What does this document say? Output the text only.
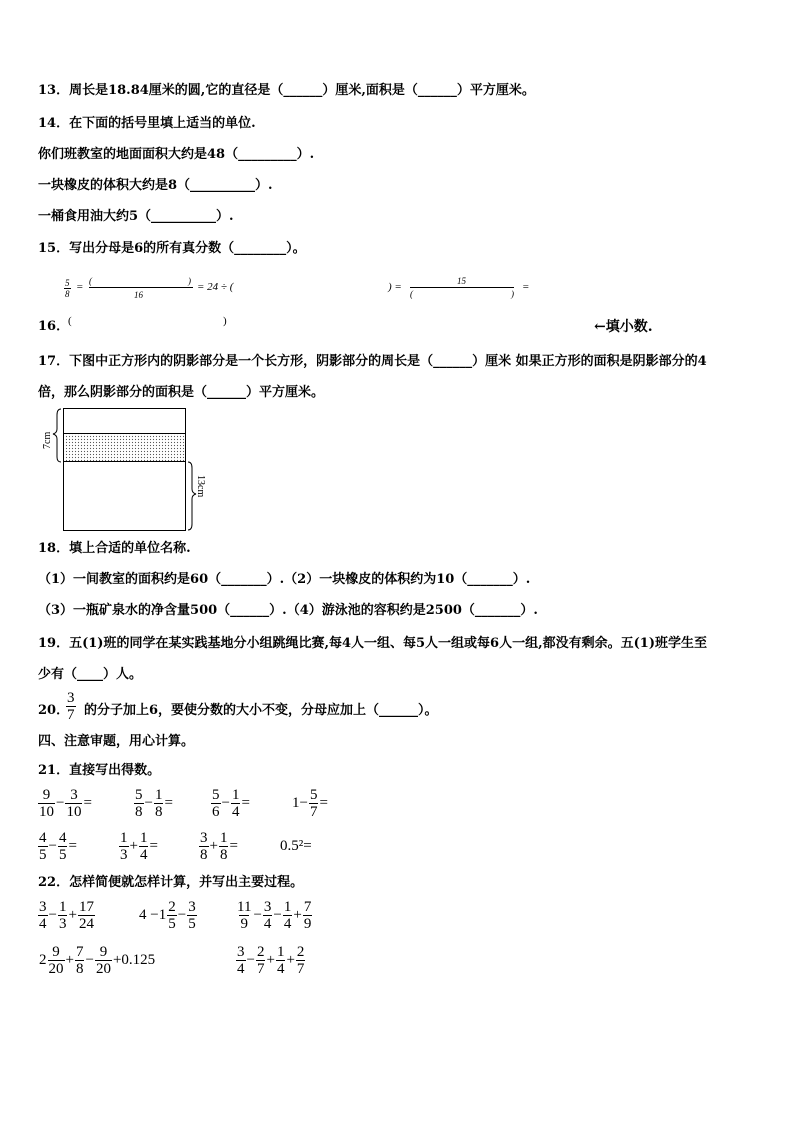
13．周长是18.84厘米的圆,它的直径是（______）厘米,面积是（______）平方厘米。
14．在下面的括号里填上适当的单位.
你们班教室的地面面积大约是48（_________）.
一块橡皮的体积大约是8（__________）.
一桶食用油大约5（__________）.
15．写出分母是6的所有真分数（________）。
$\frac{5}{8}$ = (	)
16
= 24 ÷ (	) =	15
(	)
=
16．
(	)	←填小数.
17．下图中正方形内的阴影部分是一个长方形，阴影部分的周长是（______）厘米 如果正方形的面积是阴影部分的4
倍，那么阴影部分的面积是（______）平方厘米。
7cm
13cm
18．填上合适的单位名称.
（1）一间教室的面积约是60（_______）.（2）一块橡皮的体积约为10（_______）.
（3）一瓶矿泉水的净含量500（______）.（4）游泳池的容积约是2500（_______）.
19．五(1)班的同学在某实践基地分小组跳绳比赛,每4人一组、每5人一组或每6人一组,都没有剩余。五(1)班学生至
少有（____）人。
20．
$\frac{3}{7}$ 的分子加上6，要使分数的大小不变，分母应加上（______）。
四、注意审题，用心计算。
21．直接写出得数。
$\frac{9}{10} - \frac{3}{10}$ =	$\frac{5}{8} - \frac{1}{8}$ =	$\frac{5}{6} - \frac{1}{4}$ =	$1- \frac{5}{7}$ =
$\frac{4}{5} - \frac{4}{5}$ =	$\frac{1}{3} + \frac{1}{4}$ =	$\frac{3}{8} + \frac{1}{8}$ =	0.5²=
22．怎样简便就怎样计算，并写出主要过程。
$\frac{3}{4} - \frac{1}{3} + \frac{17}{24}$	$4 -1 \frac{2}{5} - \frac{3}{5}$	$\frac{11}{9} - \frac{3}{4} - \frac{1}{4} + \frac{7}{9}$
$2 \frac{9}{20} + \frac{7}{8} - \frac{9}{20} +0.125$	$\frac{3}{4} - \frac{2}{7} + \frac{1}{4} + \frac{2}{7}$
